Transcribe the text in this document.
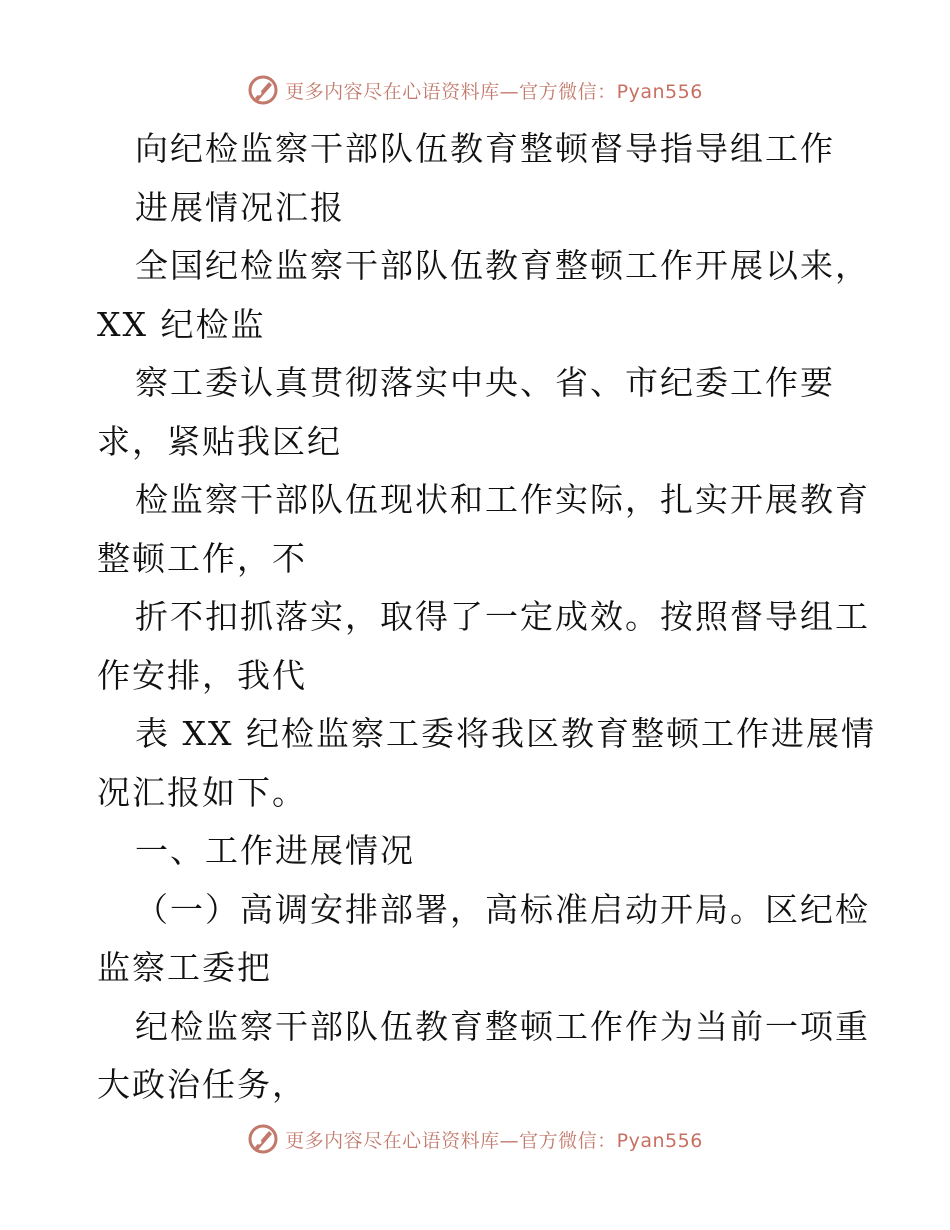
更多内容尽在心语资料库—官方微信：Pyan556
向纪检监察干部队伍教育整顿督导指导组工作
进展情况汇报
全国纪检监察干部队伍教育整顿工作开展以来，
XX 纪检监
察工委认真贯彻落实中央、省、市纪委工作要
求，紧贴我区纪
检监察干部队伍现状和工作实际，扎实开展教育
整顿工作，不
折不扣抓落实，取得了一定成效。按照督导组工
作安排，我代
表 XX 纪检监察工委将我区教育整顿工作进展情
况汇报如下。
一、工作进展情况
（一）高调安排部署，高标准启动开局。区纪检
监察工委把
纪检监察干部队伍教育整顿工作作为当前一项重
大政治任务，
更多内容尽在心语资料库—官方微信：Pyan556
